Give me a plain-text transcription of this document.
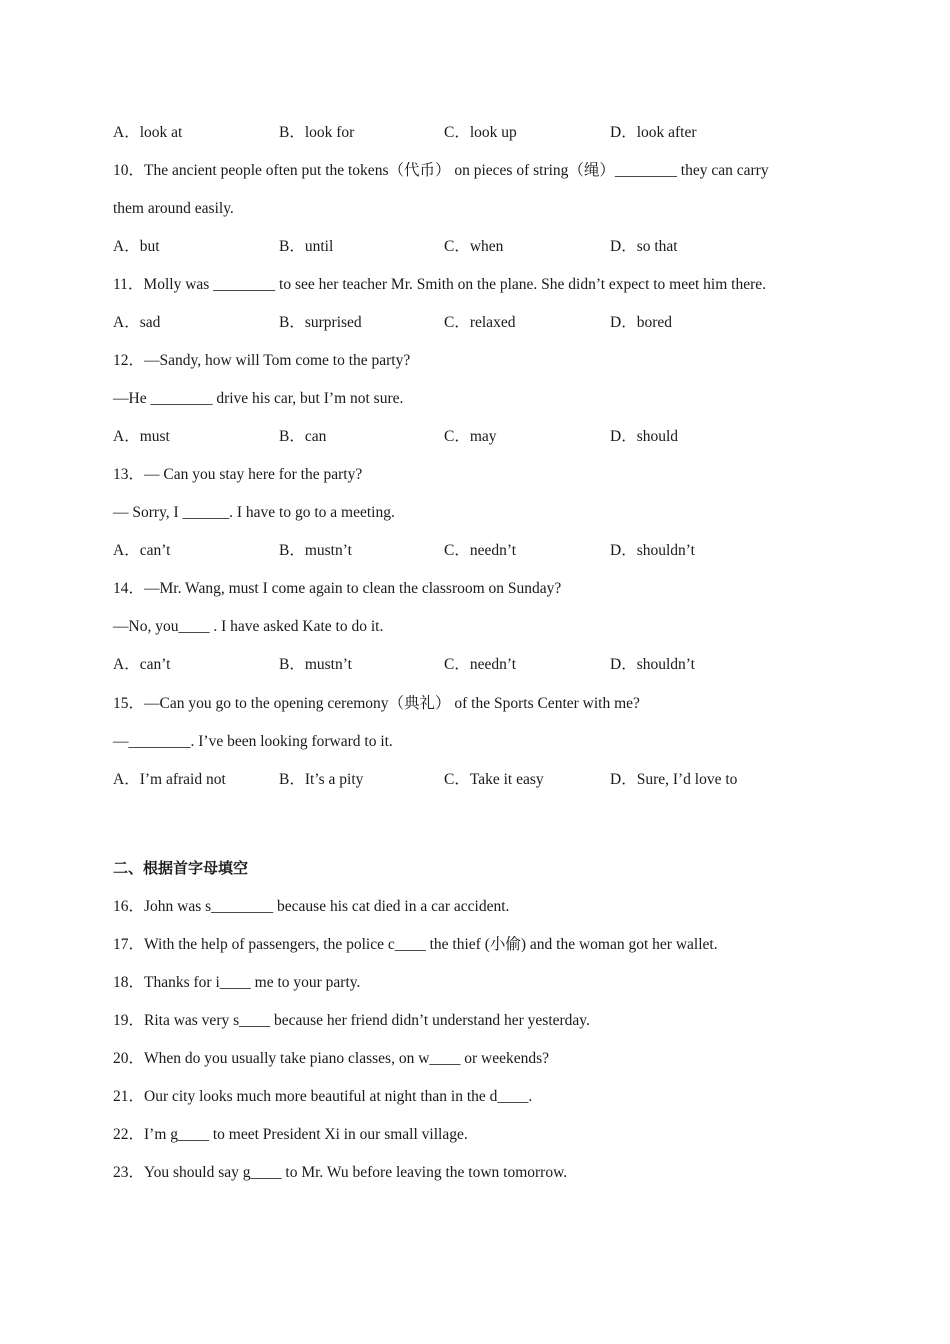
A．look at	B．look for	C．look up	D．look after
10．The ancient people often put the tokens（代币） on pieces of string（绳）________ they can carry
them around easily.
A．but	B．until	C．when	D．so that
11．Molly was ________ to see her teacher Mr. Smith on the plane. She didn’t expect to meet him there.
A．sad	B．surprised	C．relaxed	D．bored
12．—Sandy, how will Tom come to the party?
—He ________ drive his car, but I’m not sure.
A．must	B．can	C．may	D．should
13．— Can you stay here for the party?
— Sorry, I ______. I have to go to a meeting.
A．can’t	B．mustn’t	C．needn’t	D．shouldn’t
14．—Mr. Wang, must I come again to clean the classroom on Sunday?
—No, you____ . I have asked Kate to do it.
A．can’t	B．mustn’t	C．needn’t	D．shouldn’t
15．—Can you go to the opening ceremony（典礼） of the Sports Center with me?
—________. I’ve been looking forward to it.
A．I’m afraid not	B．It’s a pity	C．Take it easy	D．Sure, I’d love to
二、根据首字母填空
16．John was s________ because his cat died in a car accident.
17．With the help of passengers, the police c____ the thief (小偷) and the woman got her wallet.
18．Thanks for i____ me to your party.
19．Rita was very s____ because her friend didn’t understand her yesterday.
20．When do you usually take piano classes, on w____ or weekends?
21．Our city looks much more beautiful at night than in the d____.
22．I’m g____ to meet President Xi in our small village.
23．You should say g____ to Mr. Wu before leaving the town tomorrow.
